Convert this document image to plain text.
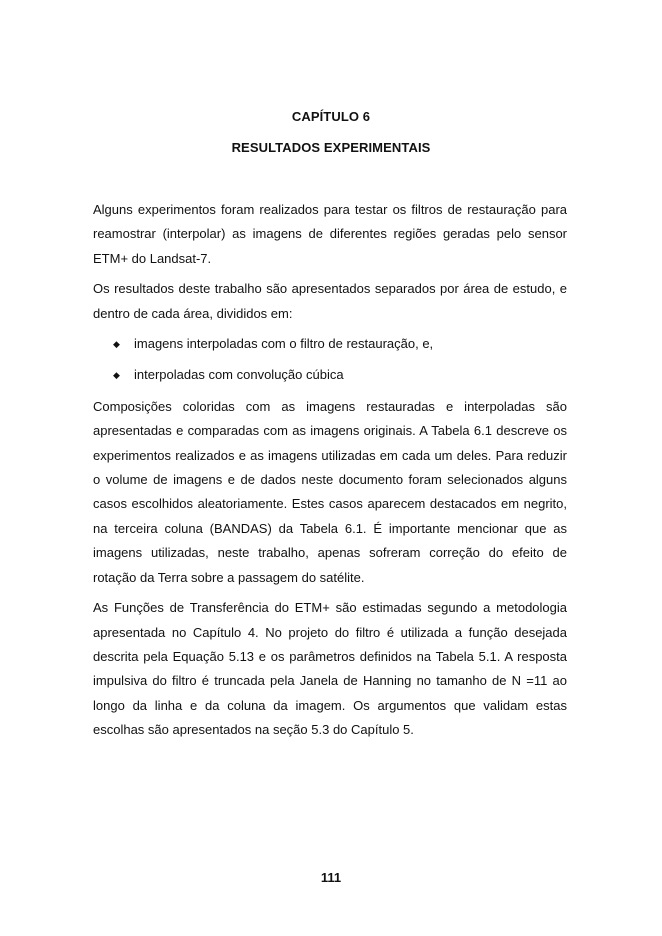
CAPÍTULO 6
RESULTADOS EXPERIMENTAIS

Alguns experimentos foram realizados para testar os filtros de restauração para reamostrar (interpolar) as imagens de diferentes regiões geradas pelo sensor ETM+ do Landsat-7.

Os resultados deste trabalho são apresentados separados por área de estudo, e dentro de cada área, divididos em:

◆ imagens interpoladas com o filtro de restauração, e,
◆ interpoladas com convolução cúbica

Composições coloridas com as imagens restauradas e interpoladas são apresentadas e comparadas com as imagens originais. A Tabela 6.1 descreve os experimentos realizados e as imagens utilizadas em cada um deles. Para reduzir o volume de imagens e de dados neste documento foram selecionados alguns casos escolhidos aleatoriamente. Estes casos aparecem destacados em negrito, na terceira coluna (BANDAS) da Tabela 6.1. É importante mencionar que as imagens utilizadas, neste trabalho, apenas sofreram correção do efeito de rotação da Terra sobre a passagem do satélite.

As Funções de Transferência do ETM+ são estimadas segundo a metodologia apresentada no Capítulo 4. No projeto do filtro é utilizada a função desejada descrita pela Equação 5.13 e os parâmetros definidos na Tabela 5.1. A resposta impulsiva do filtro é truncada pela Janela de Hanning no tamanho de N =11 ao longo da linha e da coluna da imagem. Os argumentos que validam estas escolhas são apresentados na seção 5.3 do Capítulo 5.

111
